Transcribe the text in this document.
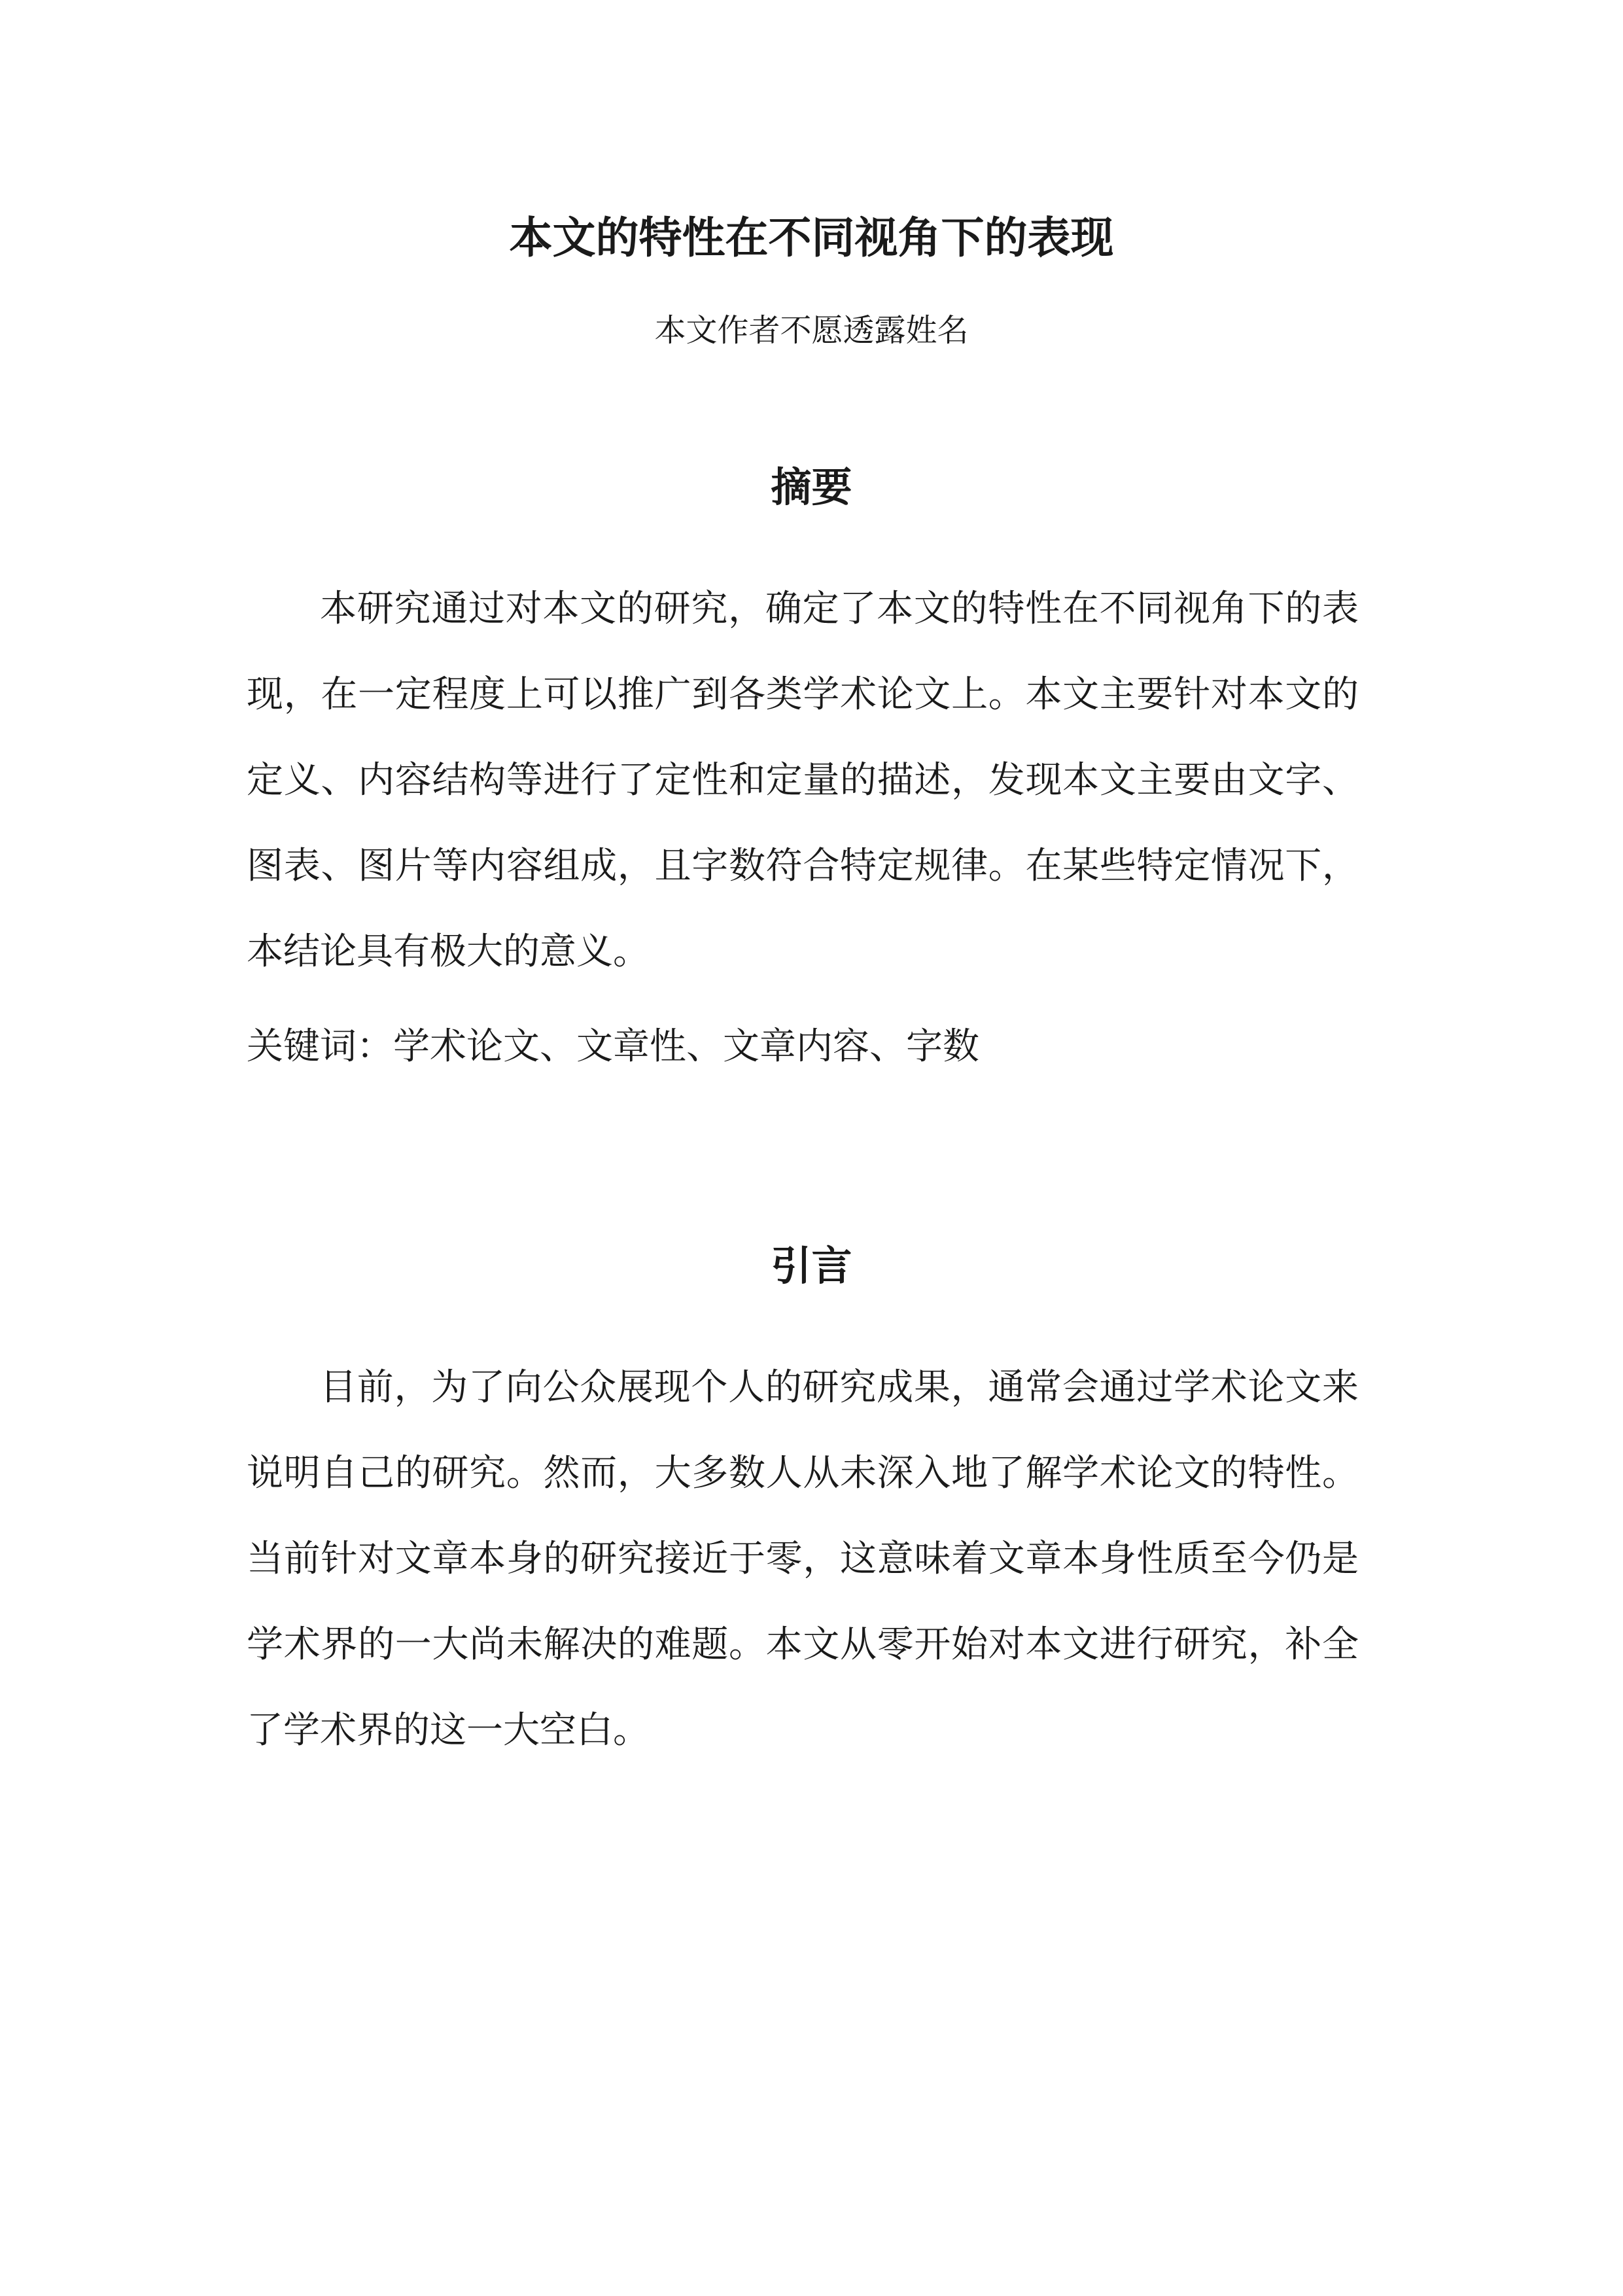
本文的特性在不同视角下的表现

本文作者不愿透露姓名

摘要

本研究通过对本文的研究，确定了本文的特性在不同视角下的表现，在一定程度上可以推广到各类学术论文上。本文主要针对本文的定义、内容结构等进行了定性和定量的描述，发现本文主要由文字、图表、图片等内容组成，且字数符合特定规律。在某些特定情况下，本结论具有极大的意义。

关键词：学术论文、文章性、文章内容、字数

引言

目前，为了向公众展现个人的研究成果，通常会通过学术论文来说明自己的研究。然而，大多数人从未深入地了解学术论文的特性。当前针对文章本身的研究接近于零，这意味着文章本身性质至今仍是学术界的一大尚未解决的难题。本文从零开始对本文进行研究，补全了学术界的这一大空白。
